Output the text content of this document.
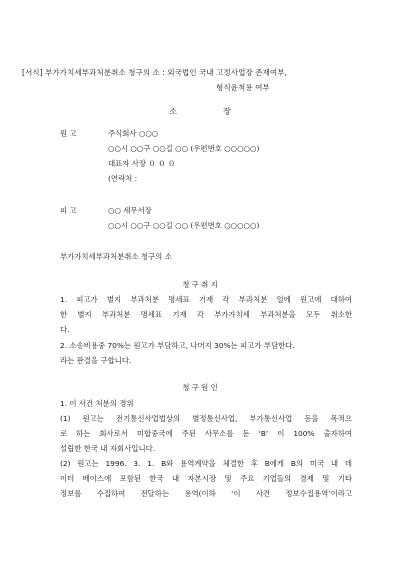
[서식] 부가가치세부과처분취소 청구의 소 : 외국법인 국내 고정사업장 존재여부,
형식윤척용 여부
소	장
원 고	주식회사 ○○○
○○시 ○○구 ○○길 ○○ (우편번호 ○○○○○)
대표자 사장 ０ ０ ０
(연락처 :
피 고	○○ 세무서장
○○시 ○○구 ○○길 ○○ (우편번호 ○○○○○)
부가가치세부과처분취소 청구의 소
청 구 취 지
1. 피고가 별지 부과처분 명세표 기재 각 부과처분 일에 원고에 대하여
한 별지 부과처분 명세표 기재 각 부가가치세 부과처분을 모두 취소한
다.
2. 소송비용중 70%는 원고가 부담하고, 나머지 30%는 피고가 부담한다.
라는 판결을 구합니다.
청 구 원 인
1. 이 사건 처분의 경위
(1) 원고는 전기통신사업법상의 별정통신사업, 부가통신사업 등을 목적으
로 하는 회사로서 미합중국에 주된 사무소를 둔 ‘B’ 이 100% 출자하여
설립한 한국 내 자회사입니다.
(2) 원고는 1996. 3. 1. B와 용역계약을 체결한 후 B에게 B의 미국 내 데
이터 베이스에 포함된 한국 내 자본시장 및 주요 기업들의 경제 및 기타
정보를 수집하여 전달하는 용역(이하 ‘이 사건 정보수집용역’이라고
